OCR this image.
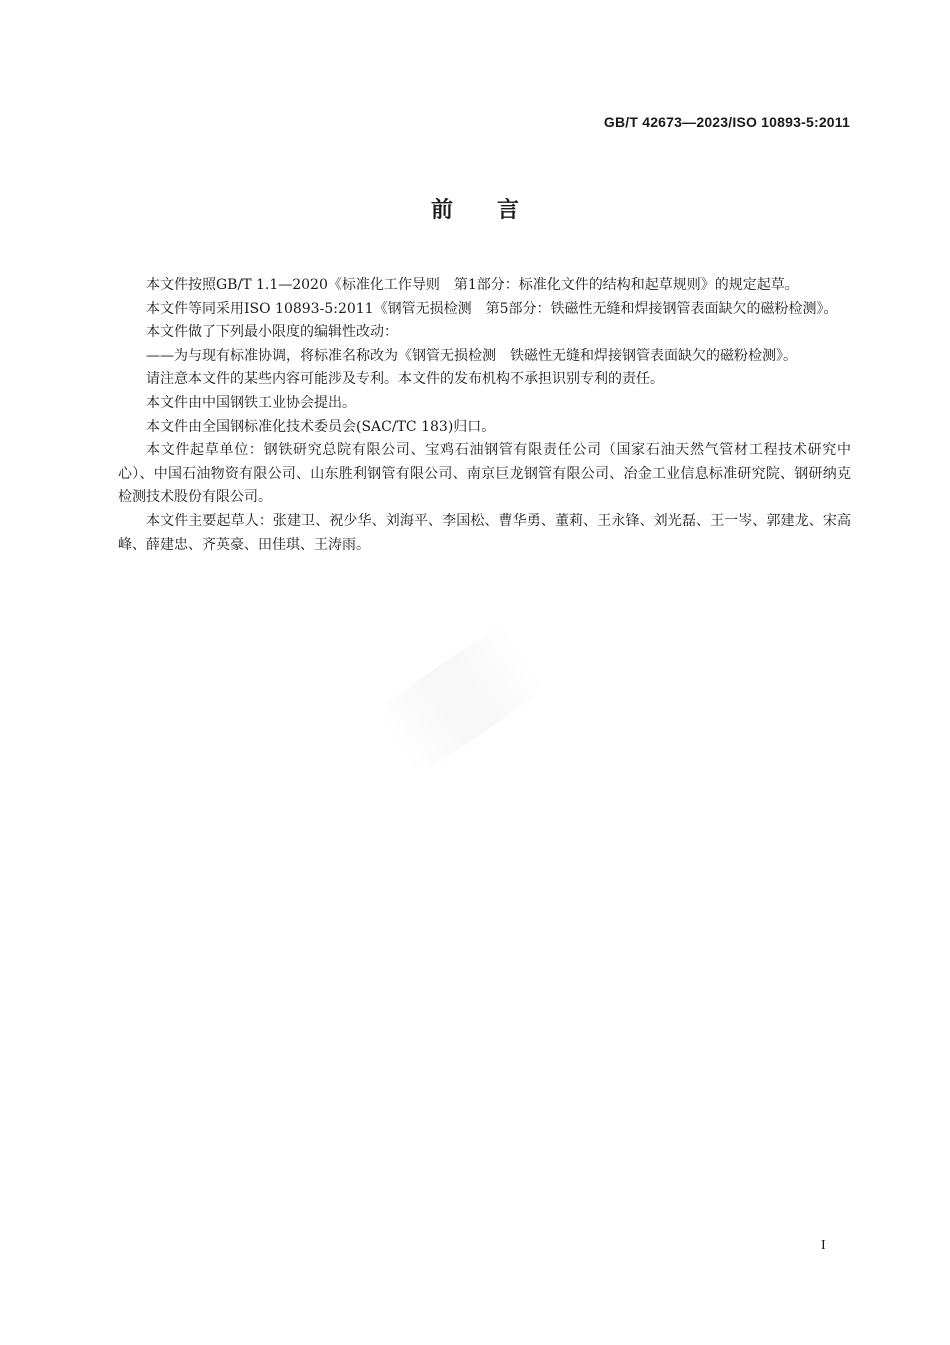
GB/T 42673—2023/ISO 10893-5:2011
前言

本文件按照GB/T 1.1—2020《标准化工作导则　第1部分：标准化文件的结构和起草规则》的规定起草。

本文件等同采用ISO 10893-5:2011《钢管无损检测　第5部分：铁磁性无缝和焊接钢管表面缺欠的磁粉检测》。

本文件做了下列最小限度的编辑性改动：

——为与现有标准协调，将标准名称改为《钢管无损检测　铁磁性无缝和焊接钢管表面缺欠的磁粉检测》。

请注意本文件的某些内容可能涉及专利。本文件的发布机构不承担识别专利的责任。

本文件由中国钢铁工业协会提出。

本文件由全国钢标准化技术委员会(SAC/TC 183)归口。

本文件起草单位：钢铁研究总院有限公司、宝鸡石油钢管有限责任公司（国家石油天然气管材工程技术研究中心）、中国石油物资有限公司、山东胜利钢管有限公司、南京巨龙钢管有限公司、冶金工业信息标准研究院、钢研纳克检测技术股份有限公司。

本文件主要起草人：张建卫、祝少华、刘海平、李国松、曹华勇、董莉、王永锋、刘光磊、王一岑、郭建龙、宋高峰、薛建忠、齐英豪、田佳琪、王涛雨。

I
